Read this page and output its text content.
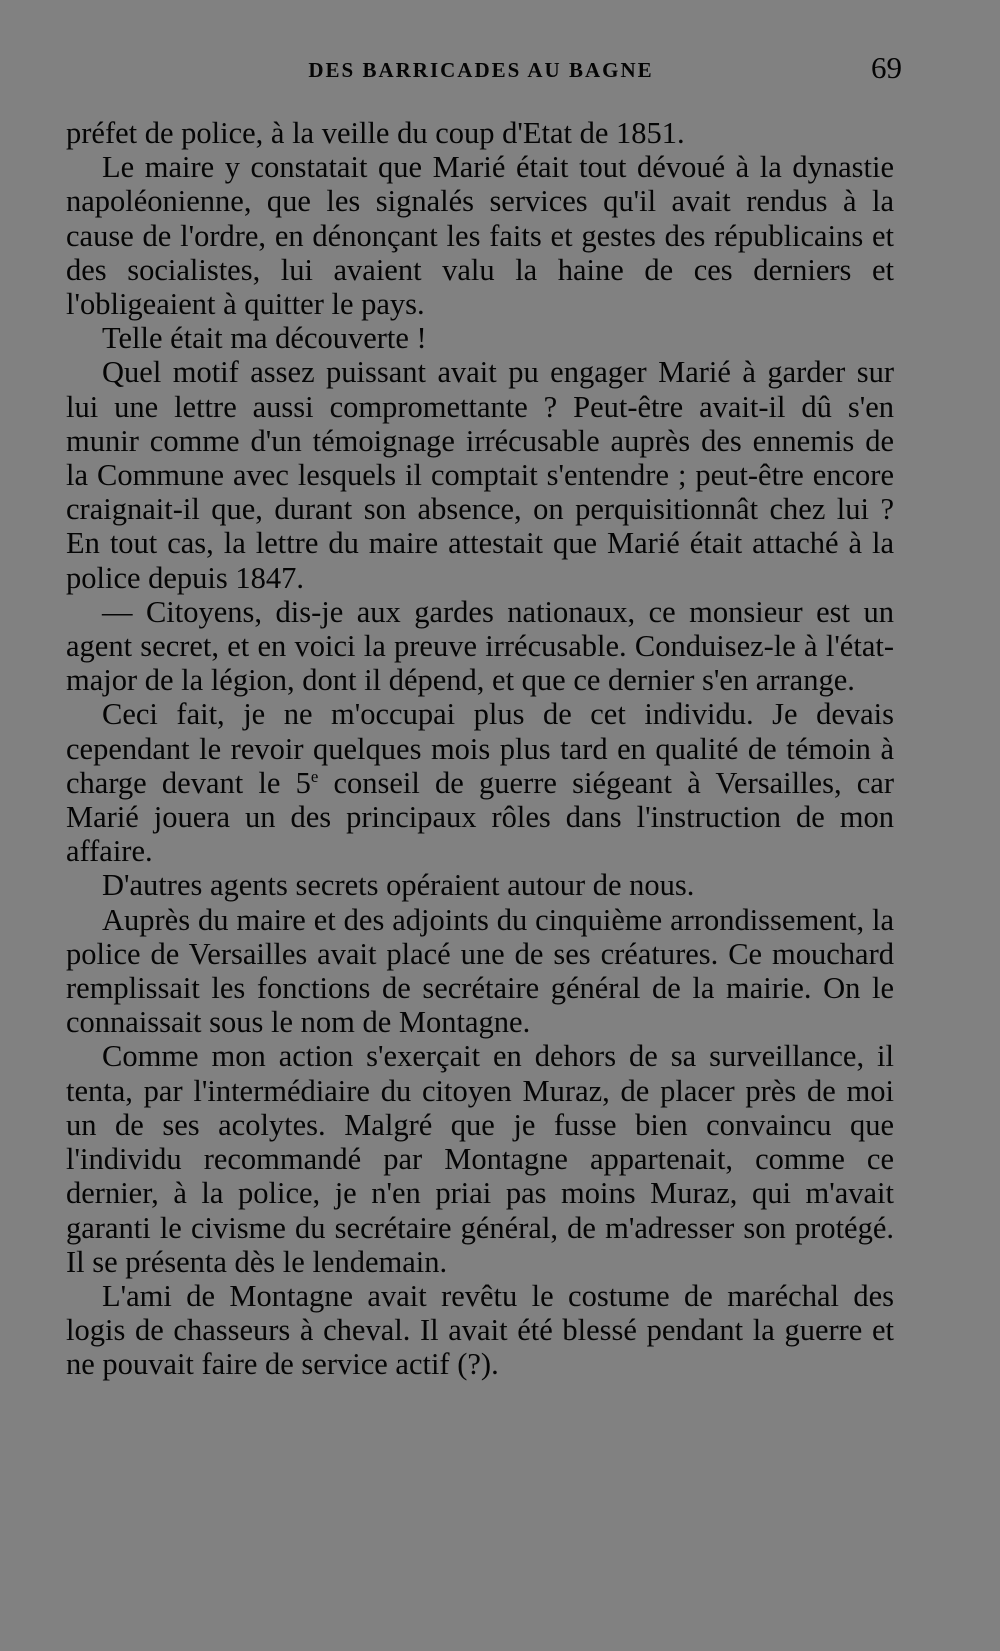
DES BARRICADES AU BAGNE	69

préfet de police, à la veille du coup d'Etat de 1851.

Le maire y constatait que Marié était tout dévoué à la dynastie napoléonienne, que les signalés services qu'il avait rendus à la cause de l'ordre, en dénonçant les faits et gestes des républicains et des socialistes, lui avaient valu la haine de ces derniers et l'obligeaient à quitter le pays.

Telle était ma découverte !

Quel motif assez puissant avait pu engager Marié à garder sur lui une lettre aussi compromettante ? Peut-être avait-il dû s'en munir comme d'un témoignage irrécusable auprès des ennemis de la Commune avec lesquels il comptait s'entendre ; peut-être encore craignait-il que, durant son absence, on perquisitionnât chez lui ? En tout cas, la lettre du maire attestait que Marié était attaché à la police depuis 1847.

— Citoyens, dis-je aux gardes nationaux, ce monsieur est un agent secret, et en voici la preuve irrécusable. Conduisez-le à l'état-major de la légion, dont il dépend, et que ce dernier s'en arrange.

Ceci fait, je ne m'occupai plus de cet individu. Je devais cependant le revoir quelques mois plus tard en qualité de témoin à charge devant le 5e conseil de guerre siégeant à Versailles, car Marié jouera un des principaux rôles dans l'instruction de mon affaire.

D'autres agents secrets opéraient autour de nous.

Auprès du maire et des adjoints du cinquième arrondissement, la police de Versailles avait placé une de ses créatures. Ce mouchard remplissait les fonctions de secrétaire général de la mairie. On le connaissait sous le nom de Montagne.

Comme mon action s'exerçait en dehors de sa surveillance, il tenta, par l'intermédiaire du citoyen Muraz, de placer près de moi un de ses acolytes. Malgré que je fusse bien convaincu que l'individu recommandé par Montagne appartenait, comme ce dernier, à la police, je n'en priai pas moins Muraz, qui m'avait garanti le civisme du secrétaire général, de m'adresser son protégé. Il se présenta dès le lendemain.

L'ami de Montagne avait revêtu le costume de maréchal des logis de chasseurs à cheval. Il avait été blessé pendant la guerre et ne pouvait faire de service actif (?).
